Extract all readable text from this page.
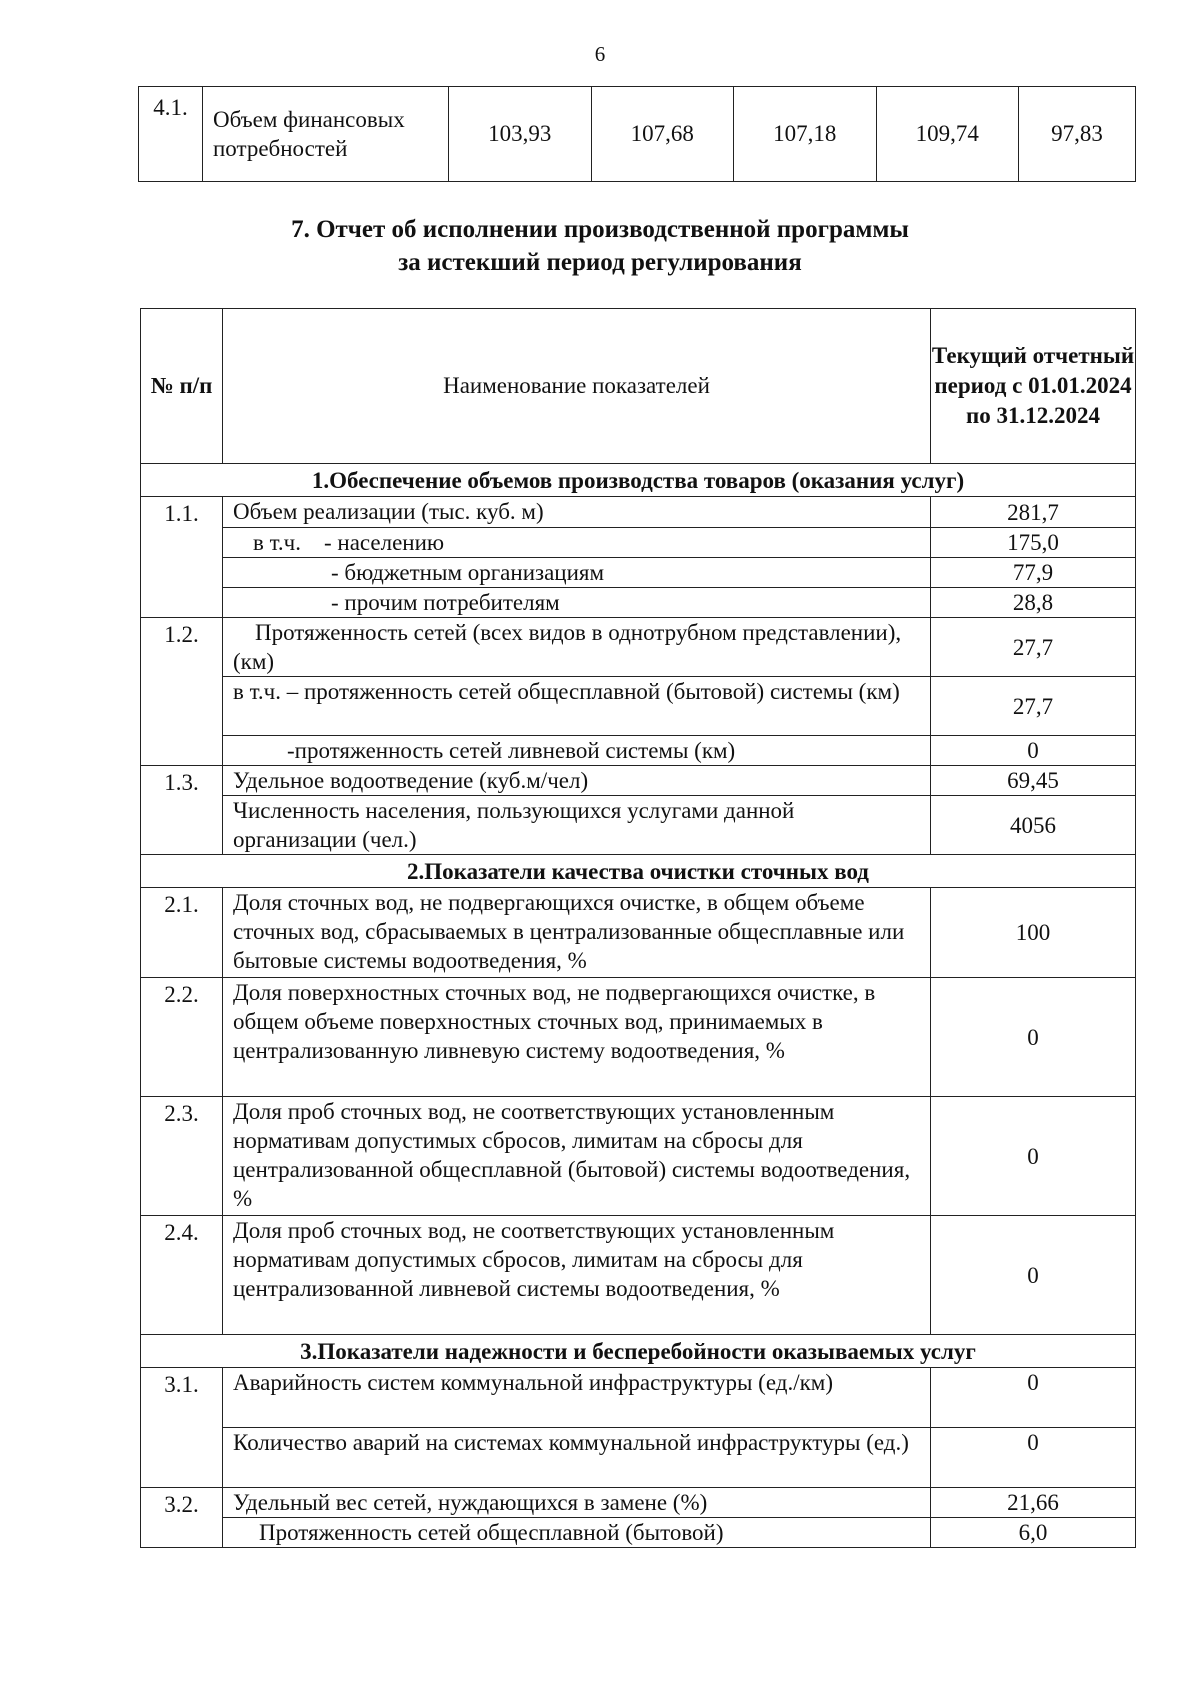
6
4.1.	Объем финансовых потребностей	103,93	107,68	107,18	109,74	97,83
7. Отчет об исполнении производственной программы
за истекший период регулирования
№ п/п	Наименование показателей	Текущий отчетный период с 01.01.2024 по 31.12.2024
1.Обеспечение объемов производства товаров (оказания услуг)		
1.1.	Объем реализации (тыс. куб. м)	281,7
	в т.ч.    - населению	175,0
	- бюджетным организациям	77,9
	- прочим потребителям	28,8
1.2.	Протяженность сетей (всех видов в однотрубном представлении), (км)	27,7
	в т.ч. – протяженность сетей общесплавной (бытовой) системы (км)	27,7
	-протяженность сетей ливневой системы (км)	0
1.3.	Удельное водоотведение (куб.м/чел)	69,45
	Численность населения, пользующихся услугами данной организации (чел.)	4056
2.Показатели качества очистки сточных вод		
2.1.	Доля сточных вод, не подвергающихся очистке, в общем объеме сточных вод, сбрасываемых в централизованные общесплавные или бытовые системы водоотведения, %	100
2.2.	Доля поверхностных сточных вод, не подвергающихся очистке, в общем объеме поверхностных сточных вод, принимаемых в централизованную ливневую систему водоотведения, %	0
2.3.	Доля проб сточных вод, не соответствующих установленным нормативам допустимых сбросов, лимитам на сбросы для централизованной общесплавной (бытовой) системы водоотведения, %	0
2.4.	Доля проб сточных вод, не соответствующих установленным нормативам допустимых сбросов, лимитам на сбросы для централизованной ливневой системы водоотведения, %	0
3.Показатели надежности и бесперебойности оказываемых услуг		
3.1.	Аварийность систем коммунальной инфраструктуры (ед./км)	0
	Количество аварий на системах коммунальной инфраструктуры (ед.)	0
3.2.	Удельный вес сетей, нуждающихся в замене (%)	21,66
	Протяженность сетей общесплавной (бытовой)	6,0
